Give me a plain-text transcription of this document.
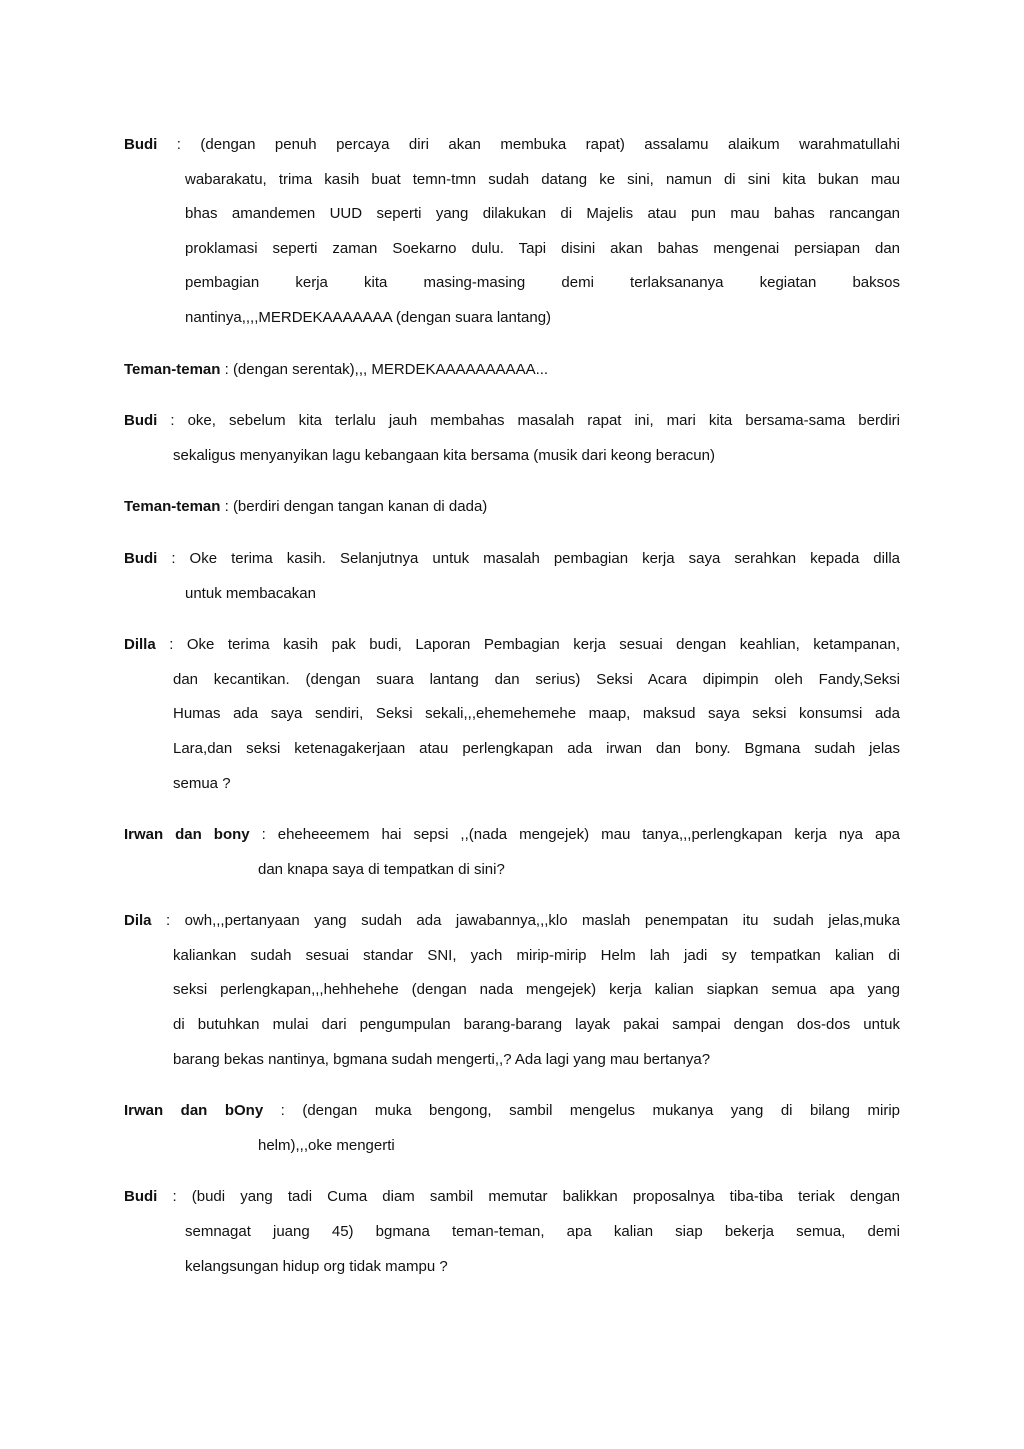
Budi : (dengan penuh percaya diri akan membuka rapat) assalamu alaikum warahmatullahi
wabarakatu, trima kasih buat temn-tmn sudah datang ke sini, namun di sini kita bukan mau
bhas amandemen UUD seperti yang dilakukan di Majelis atau pun mau bahas rancangan
proklamasi seperti zaman Soekarno dulu. Tapi disini akan bahas mengenai persiapan dan
pembagian kerja kita masing-masing demi terlaksananya kegiatan baksos
nantinya,,,,MERDEKAAAAAAA (dengan suara lantang)

Teman-teman : (dengan serentak),,, MERDEKAAAAAAAAAA...

Budi : oke, sebelum kita terlalu jauh membahas masalah rapat ini, mari kita bersama-sama berdiri
sekaligus menyanyikan lagu kebangaan kita bersama (musik dari keong beracun)

Teman-teman : (berdiri dengan tangan kanan di dada)

Budi : Oke terima kasih. Selanjutnya untuk masalah pembagian kerja saya serahkan kepada dilla
untuk membacakan

Dilla : Oke terima kasih pak budi, Laporan Pembagian kerja sesuai dengan keahlian, ketampanan,
dan kecantikan. (dengan suara lantang dan serius) Seksi Acara dipimpin oleh Fandy,Seksi
Humas ada saya sendiri, Seksi sekali,,,ehemehemehe maap, maksud saya seksi konsumsi ada
Lara,dan seksi ketenagakerjaan atau perlengkapan ada irwan dan bony. Bgmana sudah jelas
semua ?

Irwan dan bony : eheheeemem hai sepsi ,,(nada mengejek) mau tanya,,,perlengkapan kerja nya apa
dan knapa saya di tempatkan di sini?

Dila : owh,,,pertanyaan yang sudah ada jawabannya,,,klo maslah penempatan itu sudah jelas,muka
kaliankan sudah sesuai standar SNI, yach mirip-mirip Helm lah jadi sy tempatkan kalian di
seksi perlengkapan,,,hehhehehe (dengan nada mengejek) kerja kalian siapkan semua apa yang
di butuhkan mulai dari pengumpulan barang-barang layak pakai sampai dengan dos-dos untuk
barang bekas nantinya, bgmana sudah mengerti,,? Ada lagi yang mau bertanya?

Irwan dan bOny : (dengan muka bengong, sambil mengelus mukanya yang di bilang mirip
helm),,,oke mengerti

Budi : (budi yang tadi Cuma diam sambil memutar balikkan proposalnya tiba-tiba teriak dengan
semnagat juang 45) bgmana teman-teman, apa kalian siap bekerja semua, demi
kelangsungan hidup org tidak mampu ?
